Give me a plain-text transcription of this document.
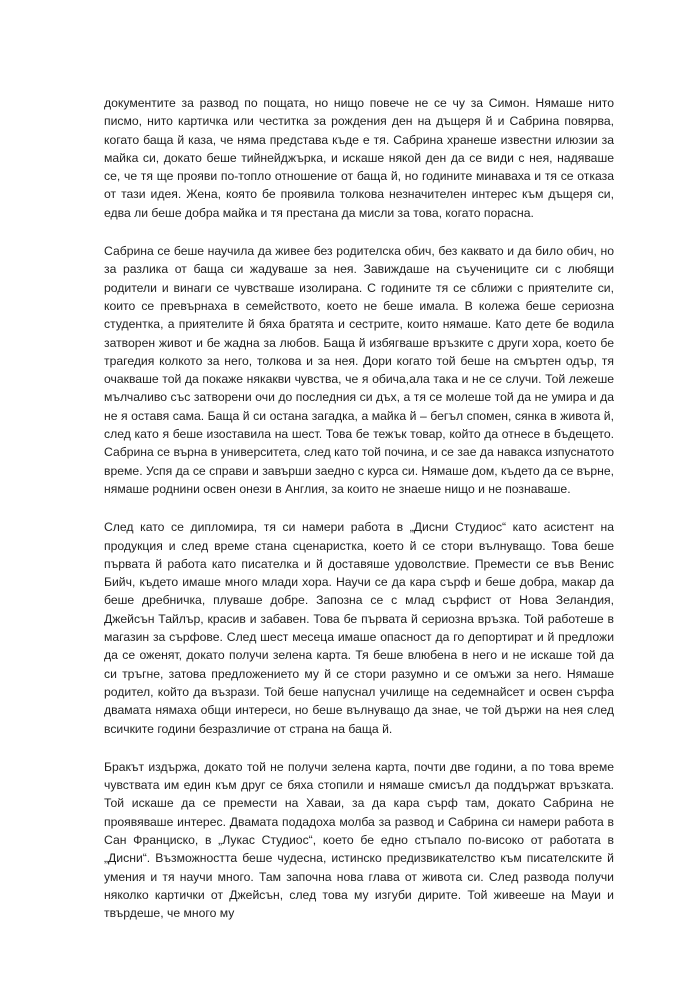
документите за развод по пощата, но нищо повече не се чу за Симон. Нямаше нито писмо, нито картичка или честитка за рождения ден на дъщеря й и Сабрина повярва, когато баща й каза, че няма представа къде е тя. Сабрина хранеше известни илюзии за майка си, докато беше тийнейджърка, и искаше някой ден да се види с нея, надяваше се, че тя ще прояви по-топло отношение от баща й, но годините минаваха и тя се отказа от тази идея. Жена, която бе проявила толкова незначителен интерес към дъщеря си, едва ли беше добра майка и тя престана да мисли за това, когато порасна.

Сабрина се беше научила да живее без родителска обич, без каквато и да било обич, но за разлика от баща си жадуваше за нея. Завиждаше на съучениците си с любящи родители и винаги се чувстваше изолирана. С годините тя се сближи с приятелите си, които се превърнаха в семейството, което не беше имала. В колежа беше сериозна студентка, а приятелите й бяха братята и сестрите, които нямаше. Като дете бе водила затворен живот и бе жадна за любов. Баща й избягваше връзките с други хора, което бе трагедия колкото за него, толкова и за нея. Дори когато той беше на смъртен одър, тя очакваше той да покаже някакви чувства, че я обича,ала така и не се случи. Той лежеше мълчаливо със затворени очи до последния си дъх, а тя се молеше той да не умира и да не я оставя сама. Баща й си остана загадка, а майка й – бегъл спомен, сянка в живота й, след като я беше изоставила на шест. Това бе тежък товар, който да отнесе в бъдещето. Сабрина се върна в университета, след като той почина, и се зае да навакса изпуснатото време. Успя да се справи и завърши заедно с курса си. Нямаше дом, където да се върне, нямаше роднини освен онези в Англия, за които не знаеше нищо и не познаваше.

След като се дипломира, тя си намери работа в „Дисни Студиос“ като асистент на продукция и след време стана сценаристка, което й се стори вълнуващо. Това беше първата й работа като писателка и й доставяше удоволствие. Премести се във Венис Бийч, където имаше много млади хора. Научи се да кара сърф и беше добра, макар да беше дребничка, плуваше добре. Запозна се с млад сърфист от Нова Зеландия, Джейсън Тайлър, красив и забавен. Това бе първата й сериозна връзка. Той работеше в магазин за сърфове. След шест месеца имаше опасност да го депортират и й предложи да се оженят, докато получи зелена карта. Тя беше влюбена в него и не искаше той да си тръгне, затова предложението му й се стори разумно и се омъжи за него. Нямаше родител, който да възрази. Той беше напуснал училище на седемнайсет и освен сърфа двамата нямаха общи интереси, но беше вълнуващо да знае, че той държи на нея след всичките години безразличие от страна на баща й.

Бракът издържа, докато той не получи зелена карта, почти две години, а по това време чувствата им един към друг се бяха стопили и нямаше смисъл да поддържат връзката. Той искаше да се премести на Хаваи, за да кара сърф там, докато Сабрина не проявяваше интерес. Двамата подадоха молба за развод и Сабрина си намери работа в Сан Франциско, в „Лукас Студиос“, което бе едно стъпало по-високо от работата в „Дисни“. Възможността беше чудесна, истинско предизвикателство към писателските й умения и тя научи много. Там започна нова глава от живота си. След развода получи няколко картички от Джейсън, след това му изгуби дирите. Той живееше на Мауи и твърдеше, че много му
